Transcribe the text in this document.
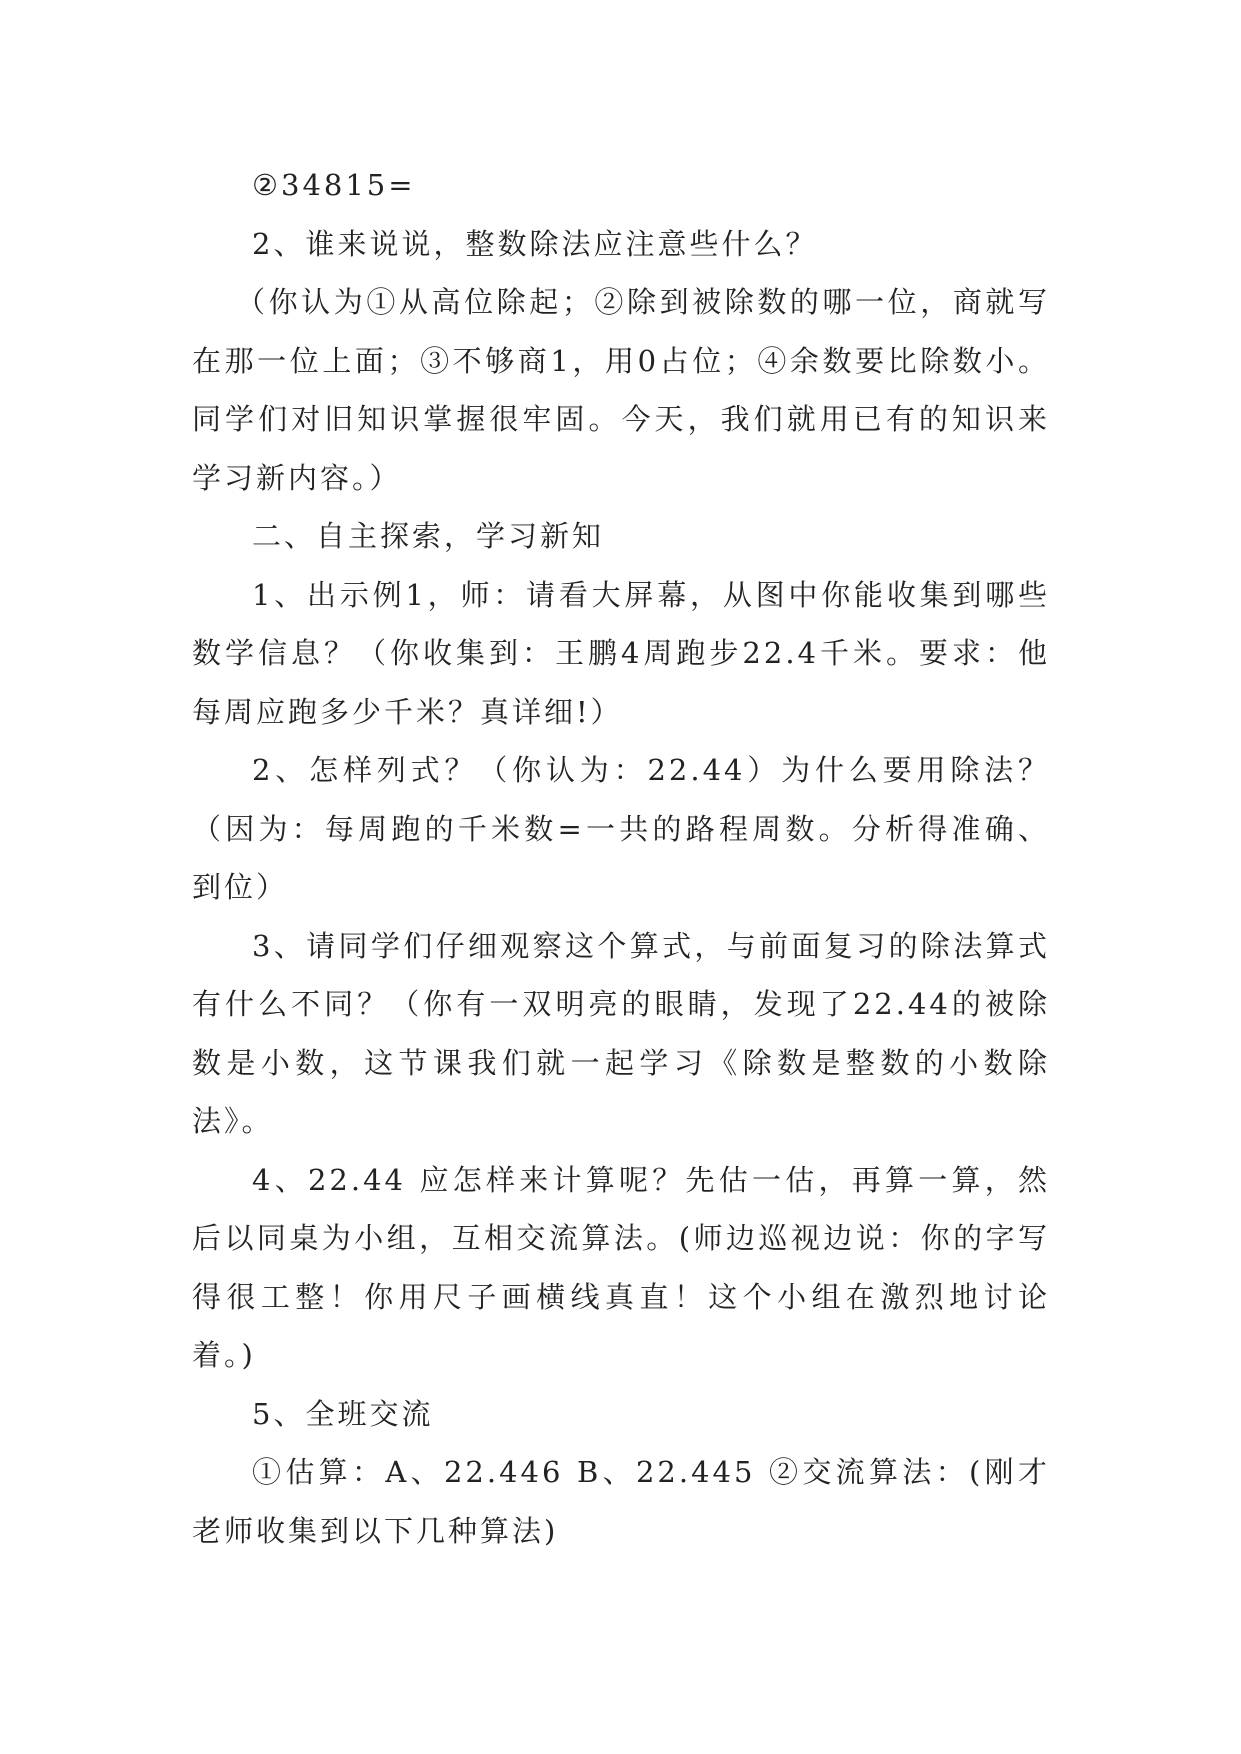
②34815=

2、谁来说说，整数除法应注意些什么？

（你认为①从高位除起；②除到被除数的哪一位，商就写在那一位上面；③不够商1，用0占位；④余数要比除数小。同学们对旧知识掌握很牢固。今天，我们就用已有的知识来学习新内容。）

二、自主探索，学习新知

1、出示例1，师：请看大屏幕，从图中你能收集到哪些数学信息？（你收集到：王鹏4周跑步22.4千米。要求：他每周应跑多少千米？真详细!）

2、怎样列式？（你认为：22.44）为什么要用除法？（因为：每周跑的千米数=一共的路程周数。分析得准确、到位）

3、请同学们仔细观察这个算式，与前面复习的除法算式有什么不同？（你有一双明亮的眼睛，发现了22.44的被除数是小数，这节课我们就一起学习《除数是整数的小数除法》。

4、22.44 应怎样来计算呢？先估一估，再算一算，然后以同桌为小组，互相交流算法。(师边巡视边说：你的字写得很工整！你用尺子画横线真直！这个小组在激烈地讨论着。)

5、全班交流

①估算：A、22.446 B、22.445 ②交流算法：(刚才老师收集到以下几种算法)
